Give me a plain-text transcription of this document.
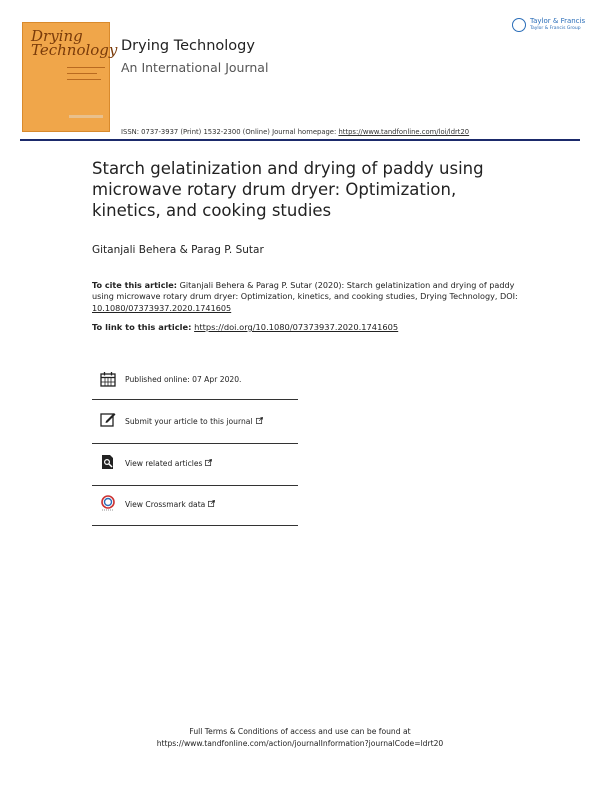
Drying
Technology Drying Technology
An International Journal
Taylor & Francis
Taylor & Francis Group
ISSN: 0737-3937 (Print) 1532-2300 (Online) Journal homepage: https://www.tandfonline.com/loi/ldrt20
Starch gelatinization and drying of paddy using microwave rotary drum dryer: Optimization, kinetics, and cooking studies
Gitanjali Behera & Parag P. Sutar
To cite this article: Gitanjali Behera & Parag P. Sutar (2020): Starch gelatinization and drying of paddy using microwave rotary drum dryer: Optimization, kinetics, and cooking studies, Drying Technology, DOI: 10.1080/07373937.2020.1741605
To link to this article: https://doi.org/10.1080/07373937.2020.1741605
Published online: 07 Apr 2020.
Submit your article to this journal
View related articles
View Crossmark data
Full Terms & Conditions of access and use can be found at
https://www.tandfonline.com/action/journalInformation?journalCode=ldrt20
